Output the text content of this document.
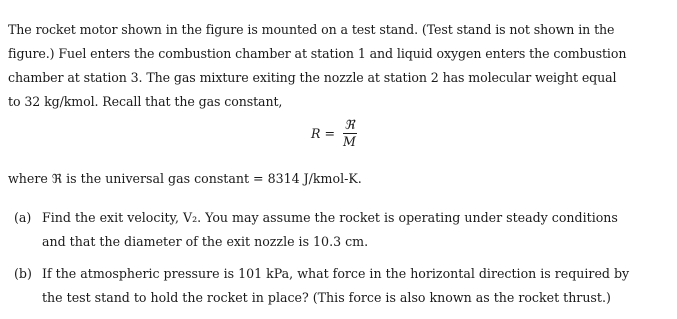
The rocket motor shown in the figure is mounted on a test stand. (Test stand is not shown in the
figure.) Fuel enters the combustion chamber at station 1 and liquid oxygen enters the combustion
chamber at station 3. The gas mixture exiting the nozzle at station 2 has molecular weight equal
to 32 kg/kmol. Recall that the gas constant,

$R = \frac{\text{ℜ}}{M}$
where ℜ is the universal gas constant = 8314 J/kmol-K.
(a) Find the exit velocity, V₂. You may assume the rocket is operating under steady conditions
and that the diameter of the exit nozzle is 10.3 cm.
(b) If the atmospheric pressure is 101 kPa, what force in the horizontal direction is required by
the test stand to hold the rocket in place? (This force is also known as the rocket thrust.)
